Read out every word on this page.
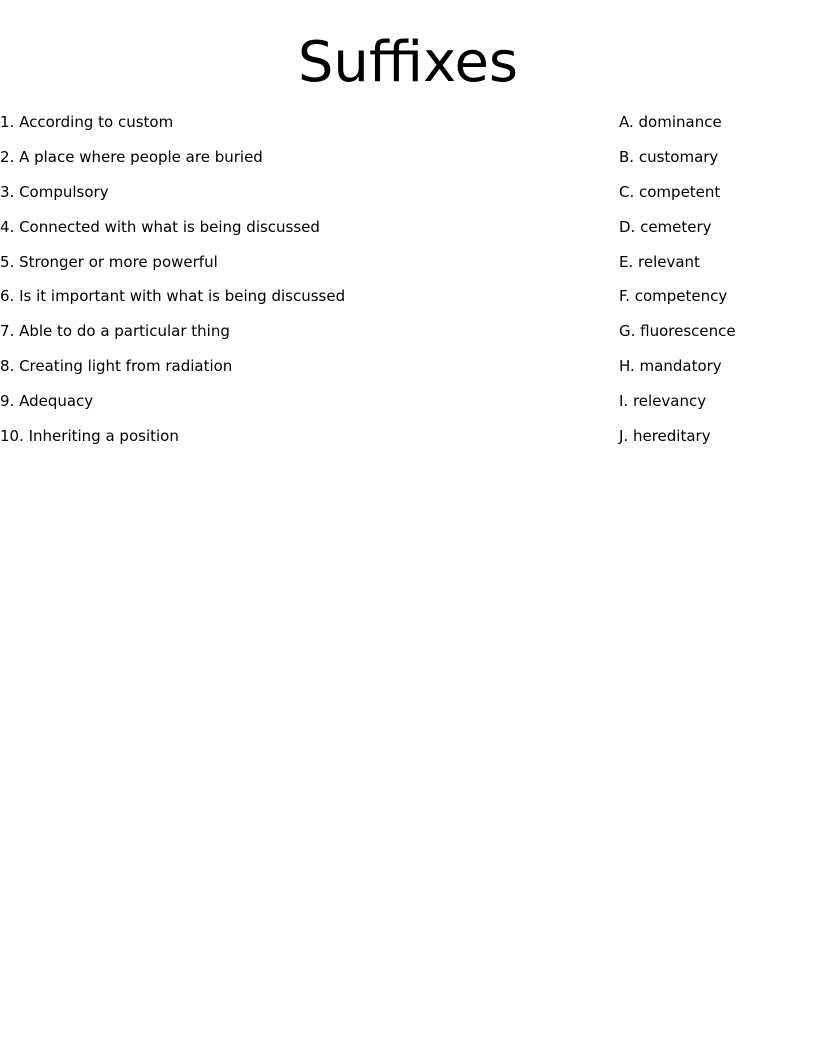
Suffixes
1. According to custom
2. A place where people are buried
3. Compulsory
4. Connected with what is being discussed
5. Stronger or more powerful
6. Is it important with what is being discussed
7. Able to do a particular thing
8. Creating light from radiation
9. Adequacy
10. Inheriting a position
A. dominance
B. customary
C. competent
D. cemetery
E. relevant
F. competency
G. fluorescence
H. mandatory
I. relevancy
J. hereditary
